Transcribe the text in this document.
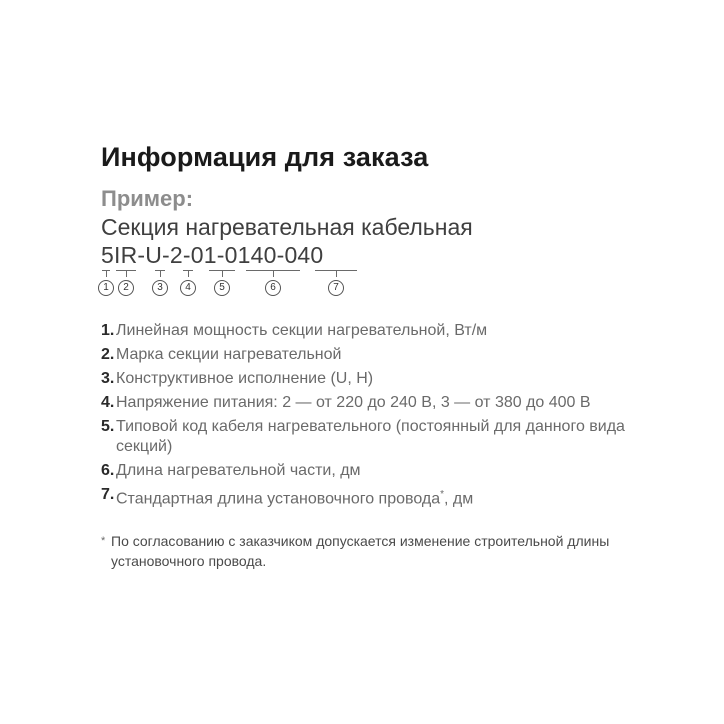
Информация для заказа
Пример:
Секция нагревательная кабельная
5IR-U-2-01-0140-040
1	2	3	4	5	6	7
1. Линейная мощность секции нагревательной, Вт/м
2. Марка секции нагревательной
3. Конструктивное исполнение (U, H)
4. Напряжение питания: 2 — от 220 до 240 В, 3 — от 380 до 400 В
5. Типовой код кабеля нагревательного (постоянный для данного вида секций)
6. Длина нагревательной части, дм
7. Стандартная длина установочного провода*, дм
* По согласованию с заказчиком допускается изменение строительной длины установочного провода.
